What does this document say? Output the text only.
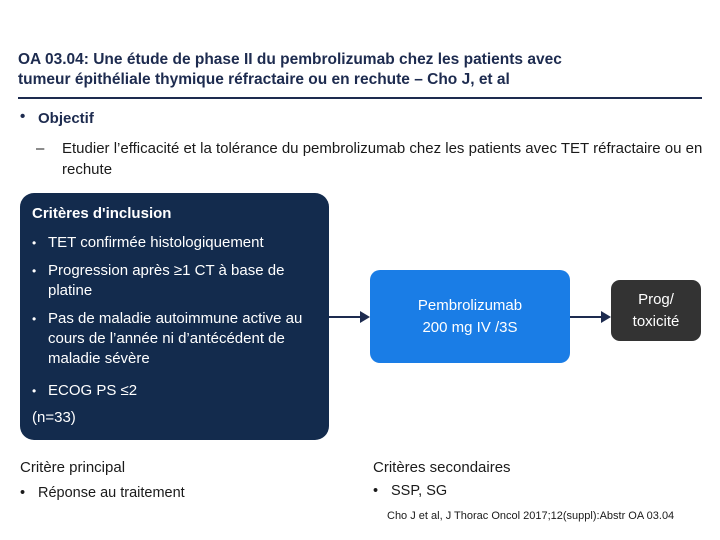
OA 03.04: Une étude de phase II du pembrolizumab chez les patients avec
tumeur épithéliale thymique réfractaire ou en rechute – Cho J, et al
• Objectif
– Etudier l’efficacité et la tolérance du pembrolizumab chez les patients avec TET réfractaire ou en rechute
Critères d'inclusion
• TET confirmée histologiquement
• Progression après ≥1 CT à base de platine
• Pas de maladie autoimmune active au cours de l’année ni d’antécédent de maladie sévère
• ECOG PS ≤2
(n=33)
Pembrolizumab
200 mg IV /3S
Prog/
toxicité
Critère principal
• Réponse au traitement
Critères secondaires
• SSP, SG
Cho J et al, J Thorac Oncol 2017;12(suppl):Abstr OA 03.04
